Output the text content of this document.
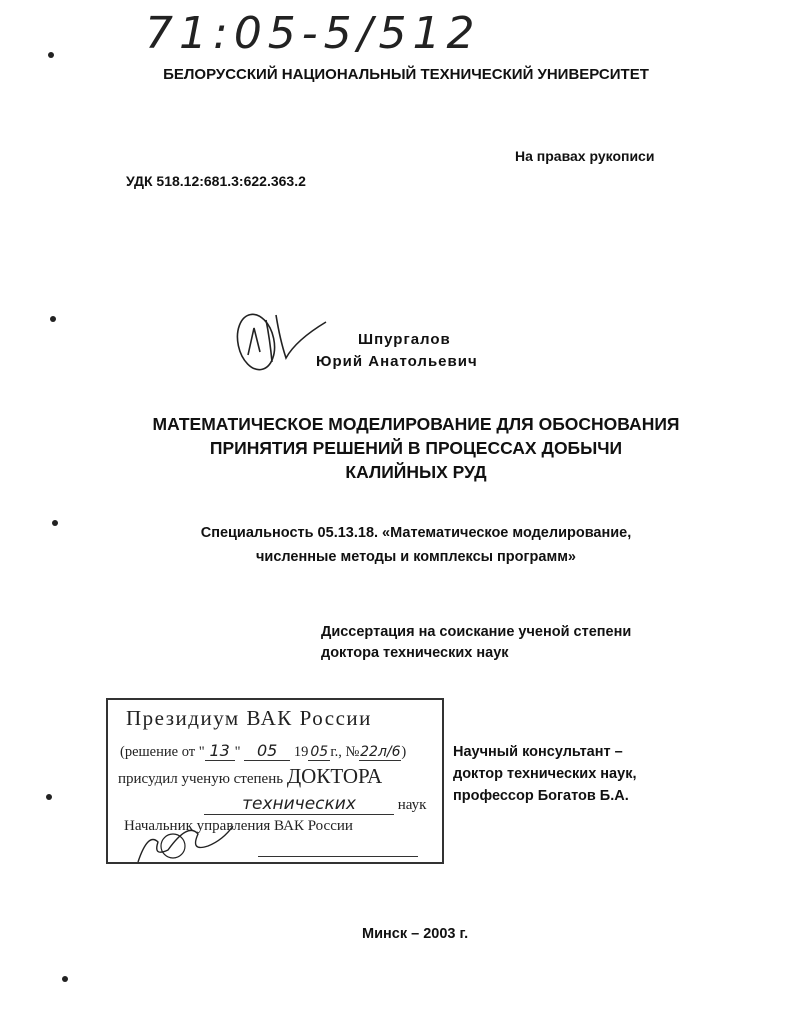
71:05-5/512
БЕЛОРУССКИЙ НАЦИОНАЛЬНЫЙ ТЕХНИЧЕСКИЙ УНИВЕРСИТЕТ
На правах рукописи
УДК 518.12:681.3:622.363.2
Шпургалов
Юрий Анатольевич
МАТЕМАТИЧЕСКОЕ МОДЕЛИРОВАНИЕ ДЛЯ ОБОСНОВАНИЯ
ПРИНЯТИЯ РЕШЕНИЙ В ПРОЦЕССАХ ДОБЫЧИ
КАЛИЙНЫХ РУД
Специальность 05.13.18. «Математическое моделирование,
численные методы и комплексы программ»
Диссертация на соискание ученой степени
доктора технических наук
Президиум ВАК России
(решение от " 13 " 05 19 05 г., №22л/6)
присудил ученую степень ДОКТОРА
технических	наук
Начальник управления ВАК России
Научный консультант –
доктор технических наук,
профессор Богатов Б.А.
Минск – 2003 г.
